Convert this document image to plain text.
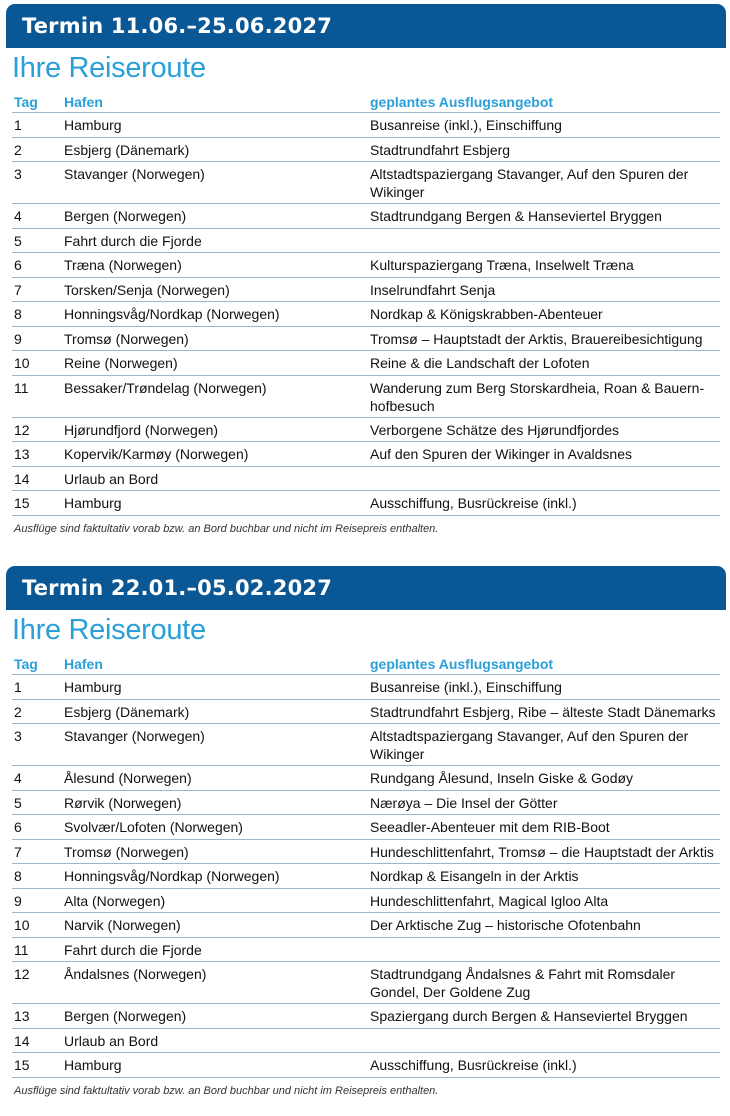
Termin 11.06.–25.06.2027
Ihre Reiseroute
Tag	Hafen	geplantes Ausflugsangebot
1	Hamburg	Busanreise (inkl.), Einschiffung
2	Esbjerg (Dänemark)	Stadtrundfahrt Esbjerg
3	Stavanger (Norwegen)	Altstadtspaziergang Stavanger, Auf den Spuren der Wikinger
4	Bergen (Norwegen)	Stadtrundgang Bergen & Hanseviertel Bryggen
5	Fahrt durch die Fjorde
6	Træna (Norwegen)	Kulturspaziergang Træna, Inselwelt Træna
7	Torsken/Senja (Norwegen)	Inselrundfahrt Senja
8	Honningsvåg/Nordkap (Norwegen)	Nordkap & Königskrabben-Abenteuer
9	Tromsø (Norwegen)	Tromsø – Hauptstadt der Arktis, Brauereibesichtigung
10	Reine (Norwegen)	Reine & die Landschaft der Lofoten
11	Bessaker/Trøndelag (Norwegen)	Wanderung zum Berg Storskardheia, Roan & Bauern-hofbesuch
12	Hjørundfjord (Norwegen)	Verborgene Schätze des Hjørundfjordes
13	Kopervik/Karmøy (Norwegen)	Auf den Spuren der Wikinger in Avaldsnes
14	Urlaub an Bord
15	Hamburg	Ausschiffung, Busrückreise (inkl.)
Ausflüge sind faktultativ vorab bzw. an Bord buchbar und nicht im Reisepreis enthalten.
Termin 22.01.–05.02.2027
Ihre Reiseroute
Tag	Hafen	geplantes Ausflugsangebot
1	Hamburg	Busanreise (inkl.), Einschiffung
2	Esbjerg (Dänemark)	Stadtrundfahrt Esbjerg, Ribe – älteste Stadt Dänemarks
3	Stavanger (Norwegen)	Altstadtspaziergang Stavanger, Auf den Spuren der Wikinger
4	Ålesund (Norwegen)	Rundgang Ålesund, Inseln Giske & Godøy
5	Rørvik (Norwegen)	Nærøya – Die Insel der Götter
6	Svolvær/Lofoten (Norwegen)	Seeadler-Abenteuer mit dem RIB-Boot
7	Tromsø (Norwegen)	Hundeschlittenfahrt, Tromsø – die Hauptstadt der Arktis
8	Honningsvåg/Nordkap (Norwegen)	Nordkap & Eisangeln in der Arktis
9	Alta (Norwegen)	Hundeschlittenfahrt, Magical Igloo Alta
10	Narvik (Norwegen)	Der Arktische Zug – historische Ofotenbahn
11	Fahrt durch die Fjorde
12	Åndalsnes (Norwegen)	Stadtrundgang Åndalsnes & Fahrt mit Romsdaler Gondel, Der Goldene Zug
13	Bergen (Norwegen)	Spaziergang durch Bergen & Hanseviertel Bryggen
14	Urlaub an Bord
15	Hamburg	Ausschiffung, Busrückreise (inkl.)
Ausflüge sind faktultativ vorab bzw. an Bord buchbar und nicht im Reisepreis enthalten.
